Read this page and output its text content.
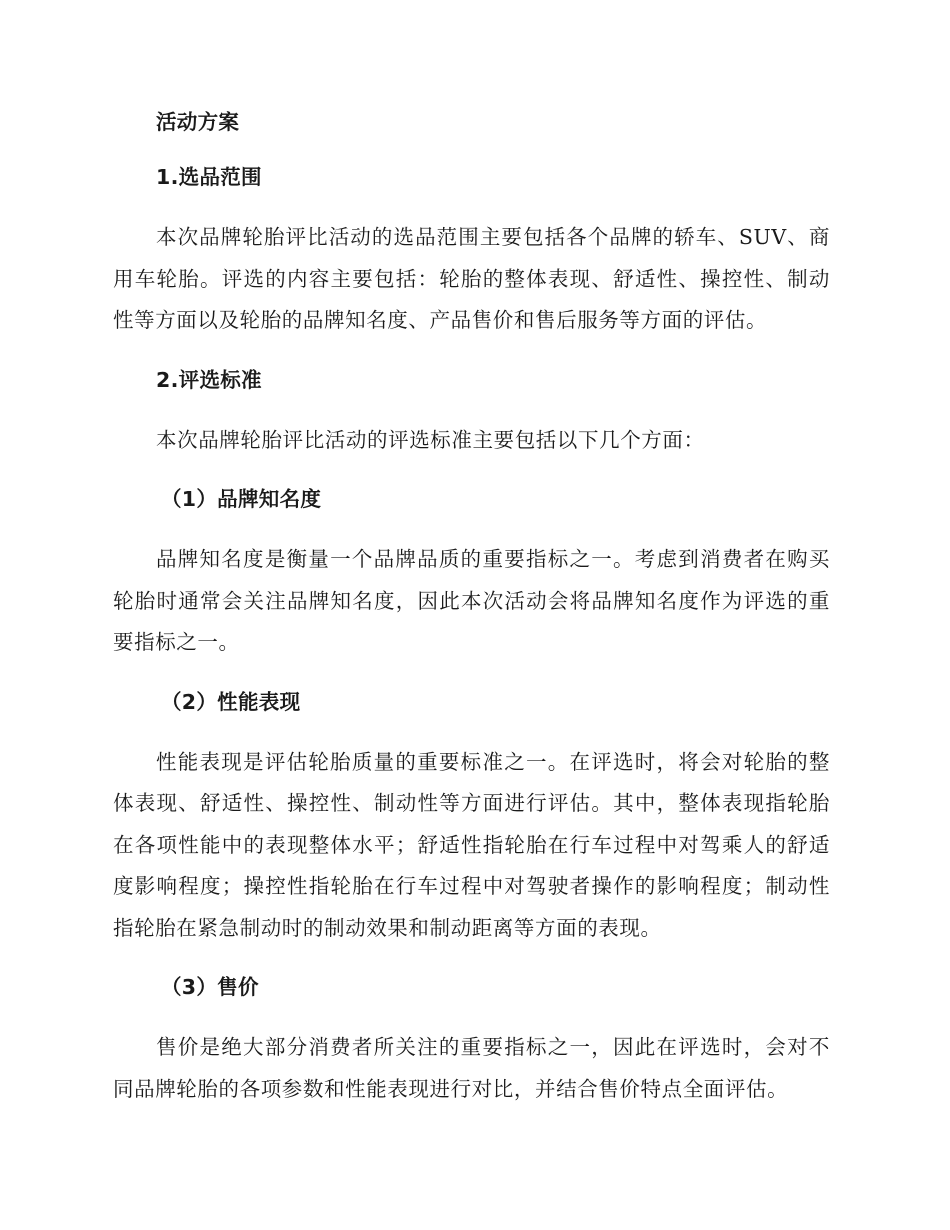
活动方案
1.选品范围

本次品牌轮胎评比活动的选品范围主要包括各个品牌的轿车、SUV、商用车轮胎。评选的内容主要包括：轮胎的整体表现、舒适性、操控性、制动性等方面以及轮胎的品牌知名度、产品售价和售后服务等方面的评估。

2.评选标准

本次品牌轮胎评比活动的评选标准主要包括以下几个方面：

（1）品牌知名度

品牌知名度是衡量一个品牌品质的重要指标之一。考虑到消费者在购买轮胎时通常会关注品牌知名度，因此本次活动会将品牌知名度作为评选的重要指标之一。

（2）性能表现

性能表现是评估轮胎质量的重要标准之一。在评选时，将会对轮胎的整体表现、舒适性、操控性、制动性等方面进行评估。其中，整体表现指轮胎在各项性能中的表现整体水平；舒适性指轮胎在行车过程中对驾乘人的舒适度影响程度；操控性指轮胎在行车过程中对驾驶者操作的影响程度；制动性指轮胎在紧急制动时的制动效果和制动距离等方面的表现。

（3）售价

售价是绝大部分消费者所关注的重要指标之一，因此在评选时，会对不同品牌轮胎的各项参数和性能表现进行对比，并结合售价特点全面评估。
